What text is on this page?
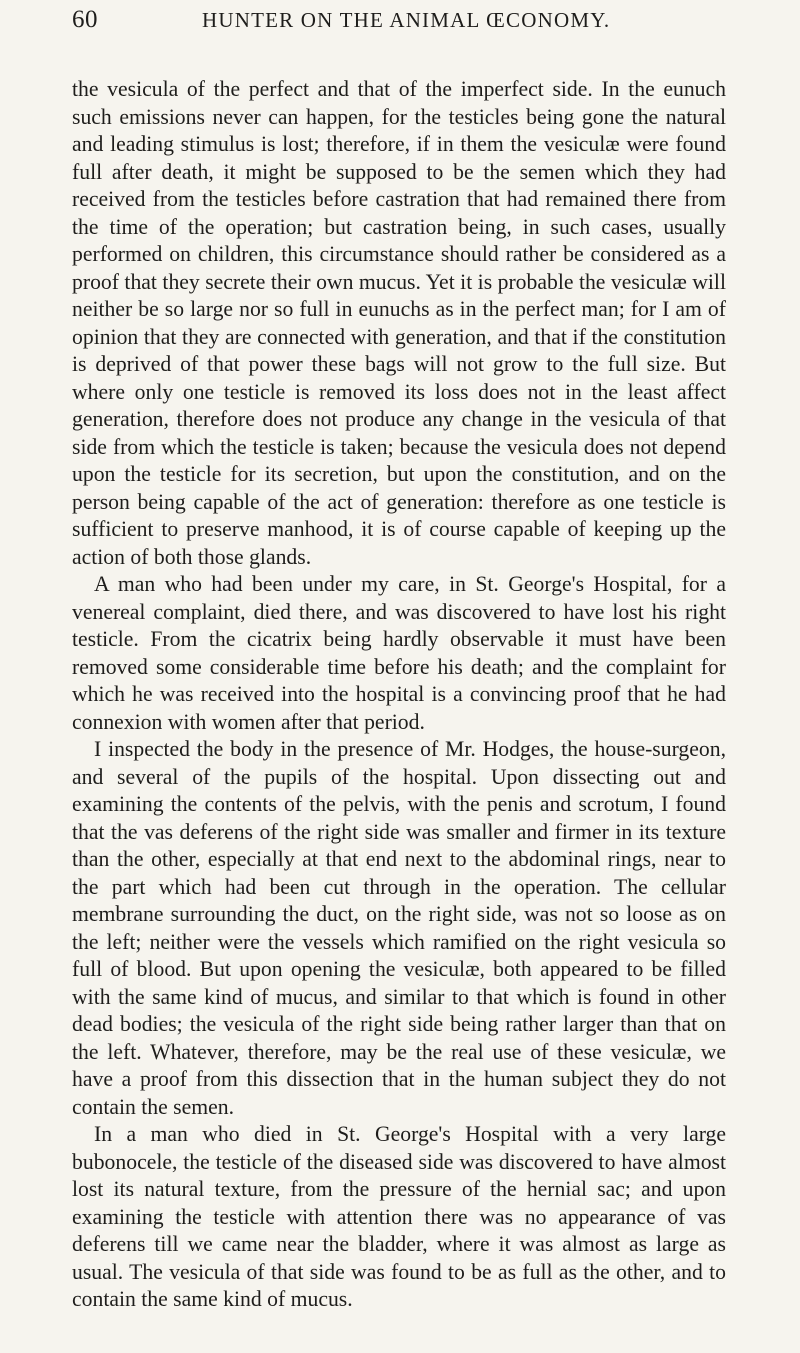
60	HUNTER ON THE ANIMAL ŒCONOMY.

the vesicula of the perfect and that of the imperfect side. In the eunuch such emissions never can happen, for the testicles being gone the natural and leading stimulus is lost; therefore, if in them the vesiculæ were found full after death, it might be supposed to be the semen which they had received from the testicles before castration that had remained there from the time of the operation; but castration being, in such cases, usually performed on children, this circumstance should rather be considered as a proof that they secrete their own mucus. Yet it is probable the vesiculæ will neither be so large nor so full in eunuchs as in the perfect man; for I am of opinion that they are connected with generation, and that if the constitution is deprived of that power these bags will not grow to the full size. But where only one testicle is removed its loss does not in the least affect generation, therefore does not produce any change in the vesicula of that side from which the testicle is taken; because the vesicula does not depend upon the testicle for its secretion, but upon the constitution, and on the person being capable of the act of generation: therefore as one testicle is sufficient to preserve manhood, it is of course capable of keeping up the action of both those glands.

A man who had been under my care, in St. George's Hospital, for a venereal complaint, died there, and was discovered to have lost his right testicle. From the cicatrix being hardly observable it must have been removed some considerable time before his death; and the complaint for which he was received into the hospital is a convincing proof that he had connexion with women after that period.

I inspected the body in the presence of Mr. Hodges, the house-surgeon, and several of the pupils of the hospital. Upon dissecting out and examining the contents of the pelvis, with the penis and scrotum, I found that the vas deferens of the right side was smaller and firmer in its texture than the other, especially at that end next to the abdominal rings, near to the part which had been cut through in the operation. The cellular membrane surrounding the duct, on the right side, was not so loose as on the left; neither were the vessels which ramified on the right vesicula so full of blood. But upon opening the vesiculæ, both appeared to be filled with the same kind of mucus, and similar to that which is found in other dead bodies; the vesicula of the right side being rather larger than that on the left. Whatever, therefore, may be the real use of these vesiculæ, we have a proof from this dissection that in the human subject they do not contain the semen.

In a man who died in St. George's Hospital with a very large bubonocele, the testicle of the diseased side was discovered to have almost lost its natural texture, from the pressure of the hernial sac; and upon examining the testicle with attention there was no appearance of vas deferens till we came near the bladder, where it was almost as large as usual. The vesicula of that side was found to be as full as the other, and to contain the same kind of mucus.
